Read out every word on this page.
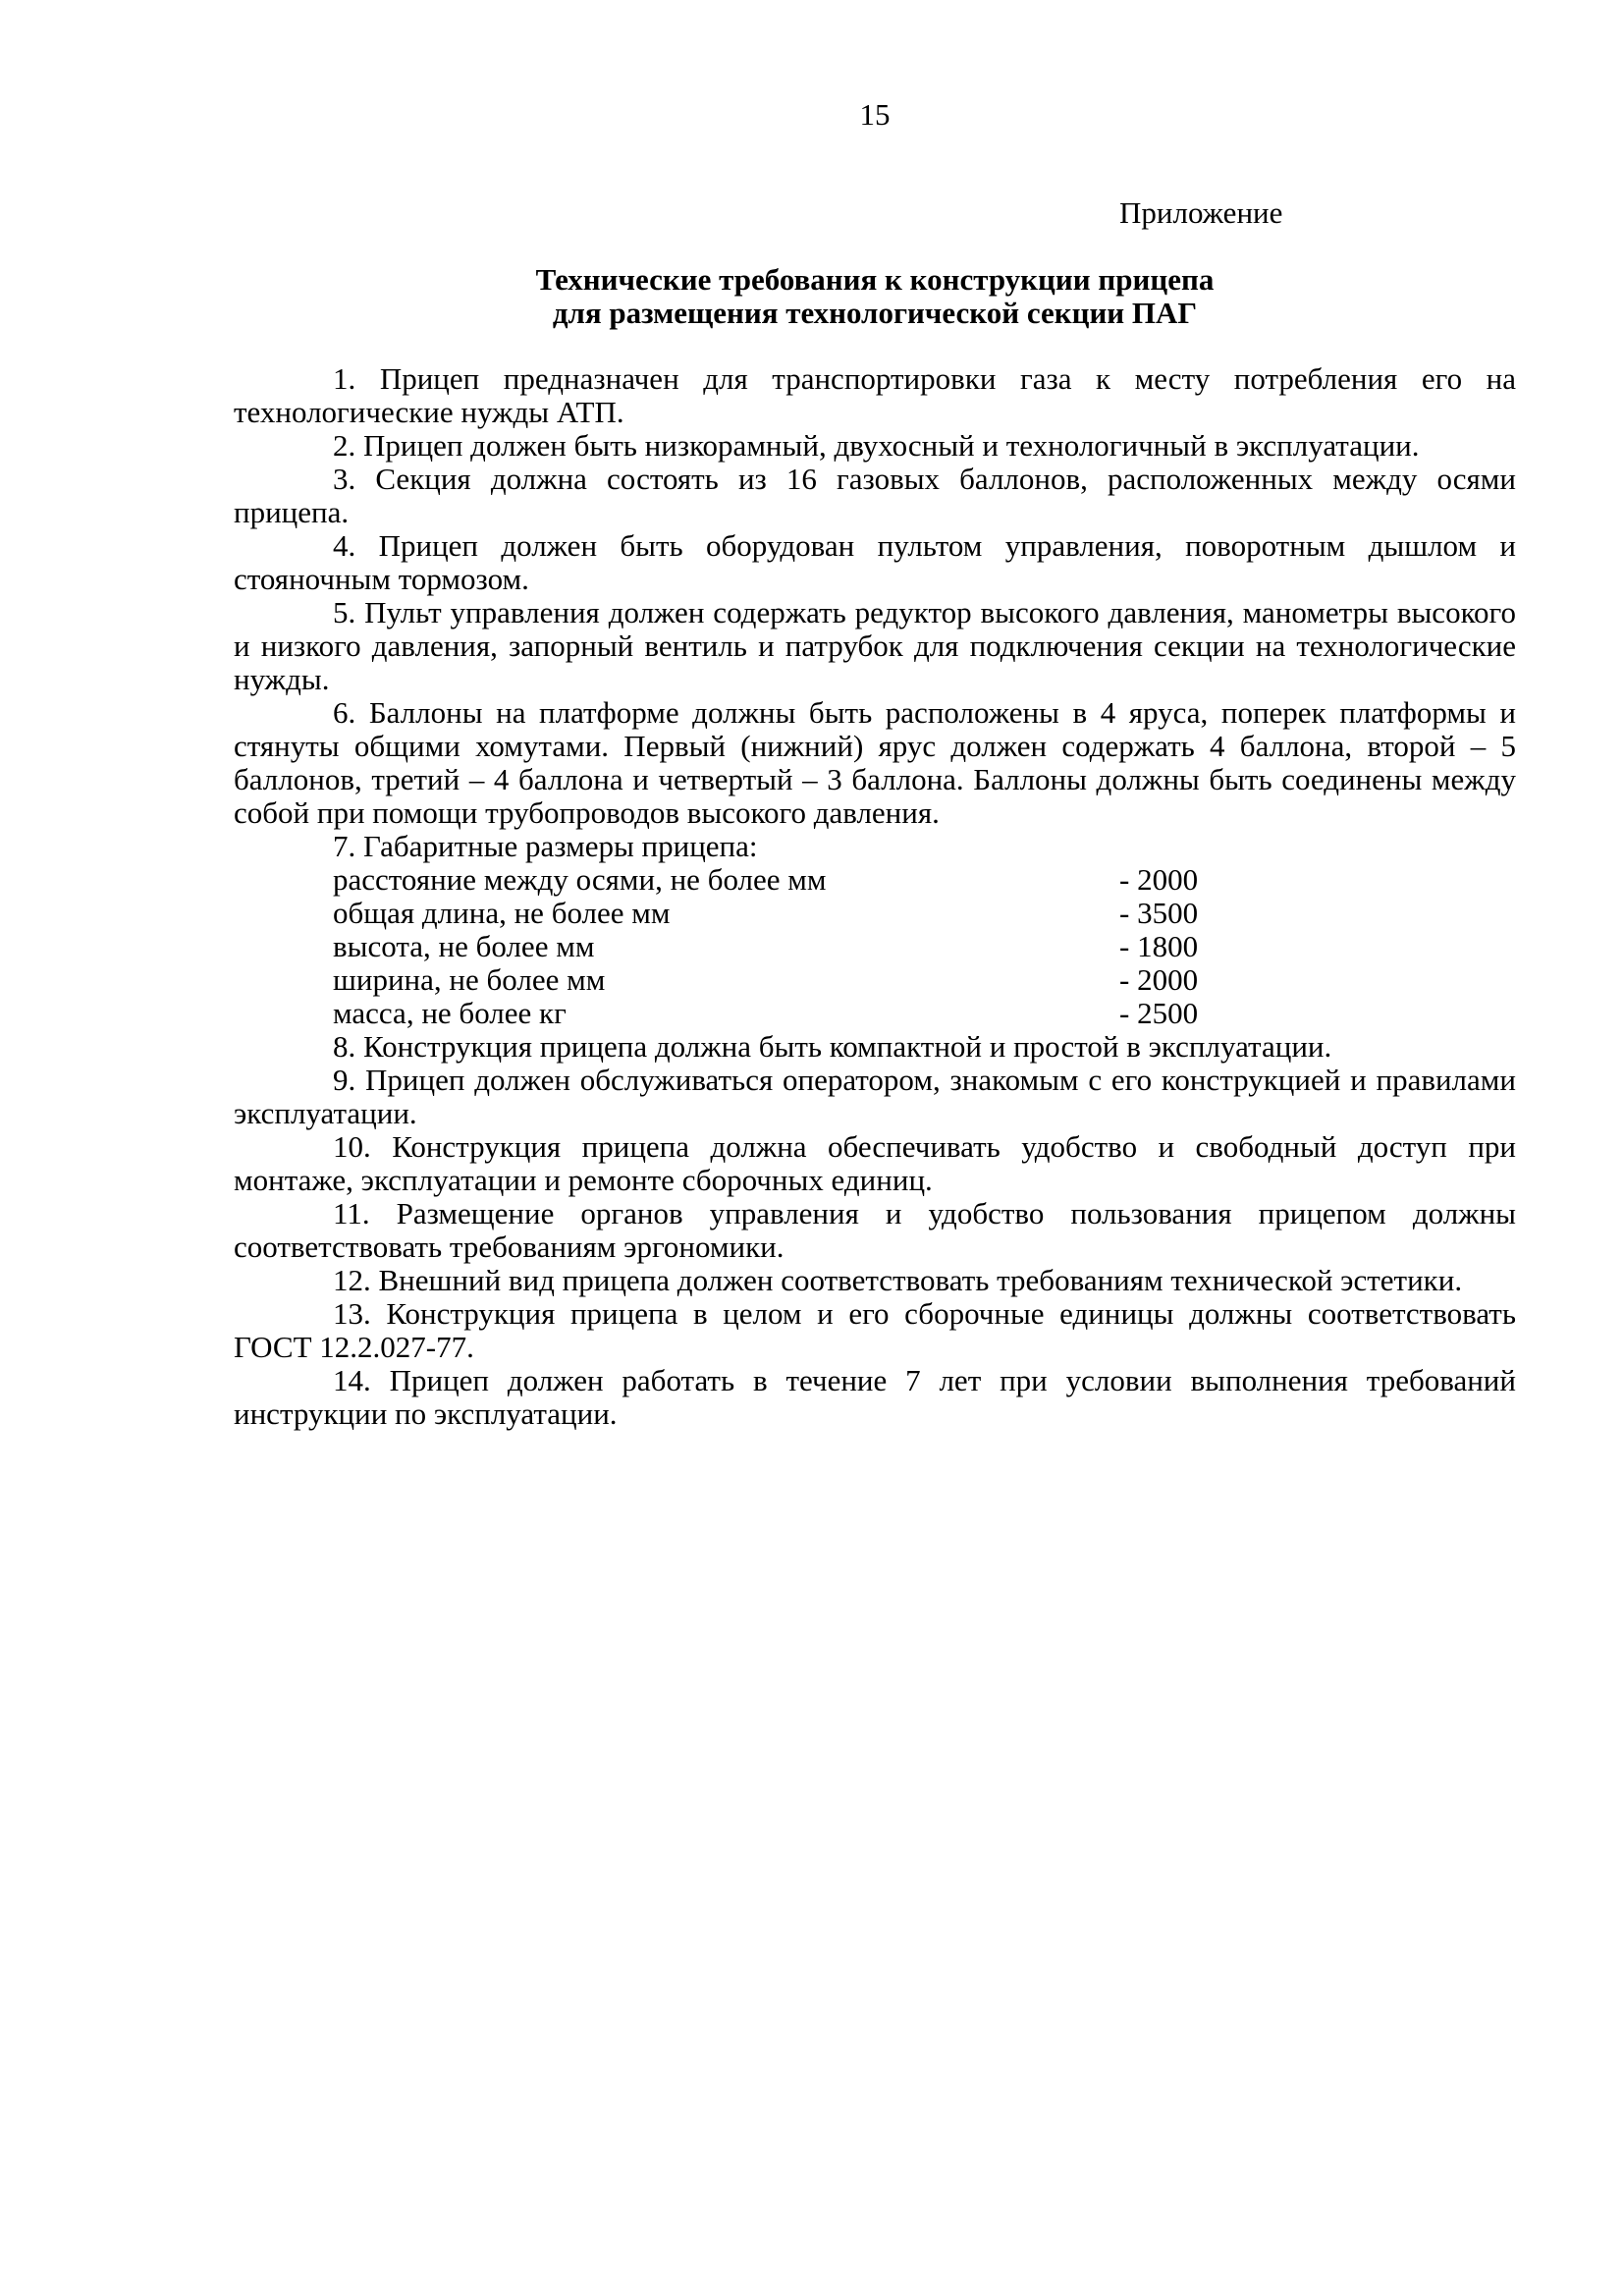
15
Приложение
Технические требования к конструкции прицепа
для размещения технологической секции ПАГ

1. Прицеп предназначен для транспортировки газа к месту потребления его на технологические нужды АТП.

2. Прицеп должен быть низкорамный, двухосный и технологичный в эксплуатации.

3. Секция должна состоять из 16 газовых баллонов, расположенных между осями прицепа.

4. Прицеп должен быть оборудован пультом управления, поворотным дышлом и стояночным тормозом.

5. Пульт управления должен содержать редуктор высокого давления, манометры высокого и низкого давления, запорный вентиль и патрубок для подключения секции на технологические нужды.

6. Баллоны на платформе должны быть расположены в 4 яруса, поперек платформы и стянуты общими хомутами. Первый (нижний) ярус должен содержать 4 баллона, второй – 5 баллонов, третий – 4 баллона и четвертый – 3 баллона. Баллоны должны быть соединены между собой при помощи трубопроводов высокого давления.

7. Габаритные размеры прицепа:

расстояние между осями, не более мм	- 2000
общая длина, не более мм	- 3500
высота, не более мм	- 1800
ширина, не более мм	- 2000
масса, не более кг	- 2500

8. Конструкция прицепа должна быть компактной и простой в эксплуатации.

9. Прицеп должен обслуживаться оператором, знакомым с его конструкцией и правилами эксплуатации.

10. Конструкция прицепа должна обеспечивать удобство и свободный доступ при монтаже, эксплуатации и ремонте сборочных единиц.

11. Размещение органов управления и удобство пользования прицепом должны соответствовать требованиям эргономики.

12. Внешний вид прицепа должен соответствовать требованиям технической эстетики.

13. Конструкция прицепа в целом и его сборочные единицы должны соответствовать ГОСТ 12.2.027-77.

14. Прицеп должен работать в течение 7 лет при условии выполнения требований инструкции по эксплуатации.
